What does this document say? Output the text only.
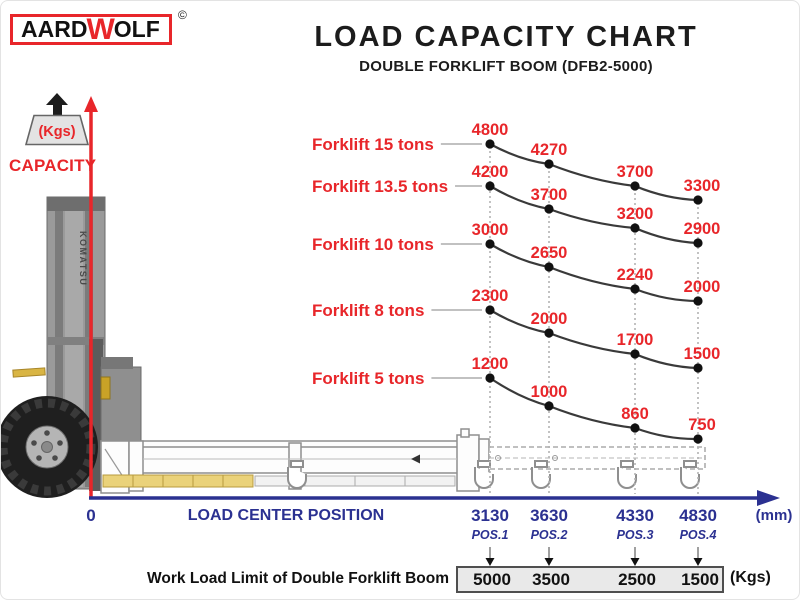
AARD W OLF
©
LOAD CAPACITY CHART
DOUBLE FORKLIFT BOOM (DFB2-5000)
(Kgs)
CAPACITY
KOMATSU
Forklift 15 tons
4800
4270
3700
3300
Forklift 13.5 tons
4200
3700
3200
2900
Forklift 10 tons
3000
2650
2240
2000
Forklift 8 tons
2300
2000
1700
1500
Forklift 5 tons
1200
1000
860
750
0	LOAD CENTER POSITION	(mm)
3130
POS.1
3630
POS.2
4330
POS.3
4830
POS.4
Work Load Limit of Double Forklift Boom	5000	3500	2500	1500 (Kgs)
